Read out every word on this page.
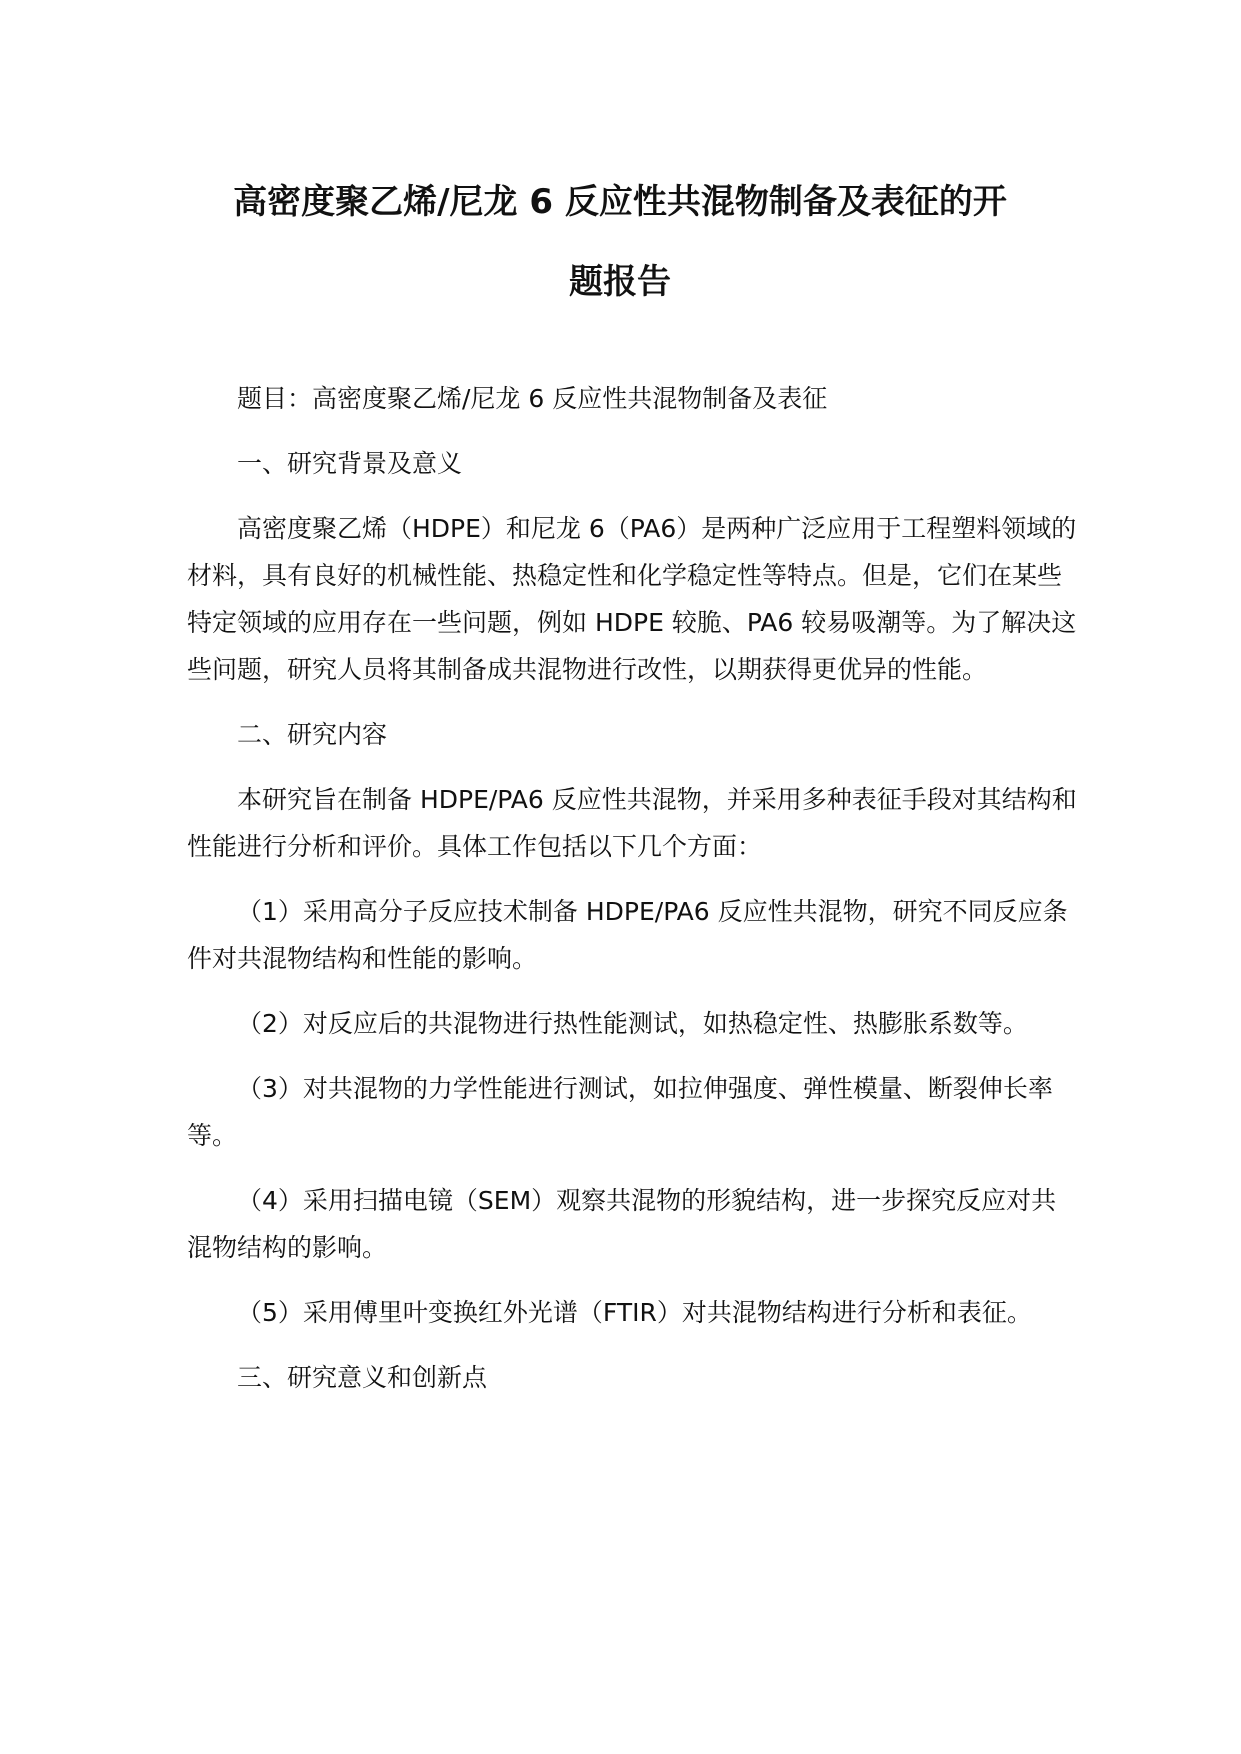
高密度聚乙烯/尼龙 6 反应性共混物制备及表征的开
题报告

题目：高密度聚乙烯/尼龙 6 反应性共混物制备及表征

一、研究背景及意义

高密度聚乙烯（HDPE）和尼龙 6（PA6）是两种广泛应用于工程塑料领域的材料，具有良好的机械性能、热稳定性和化学稳定性等特点。但是，它们在某些特定领域的应用存在一些问题，例如 HDPE 较脆、PA6 较易吸潮等。为了解决这些问题，研究人员将其制备成共混物进行改性，以期获得更优异的性能。

二、研究内容

本研究旨在制备 HDPE/PA6 反应性共混物，并采用多种表征手段对其结构和性能进行分析和评价。具体工作包括以下几个方面：

（1）采用高分子反应技术制备 HDPE/PA6 反应性共混物，研究不同反应条件对共混物结构和性能的影响。

（2）对反应后的共混物进行热性能测试，如热稳定性、热膨胀系数等。

（3）对共混物的力学性能进行测试，如拉伸强度、弹性模量、断裂伸长率等。

（4）采用扫描电镜（SEM）观察共混物的形貌结构，进一步探究反应对共混物结构的影响。

（5）采用傅里叶变换红外光谱（FTIR）对共混物结构进行分析和表征。

三、研究意义和创新点
